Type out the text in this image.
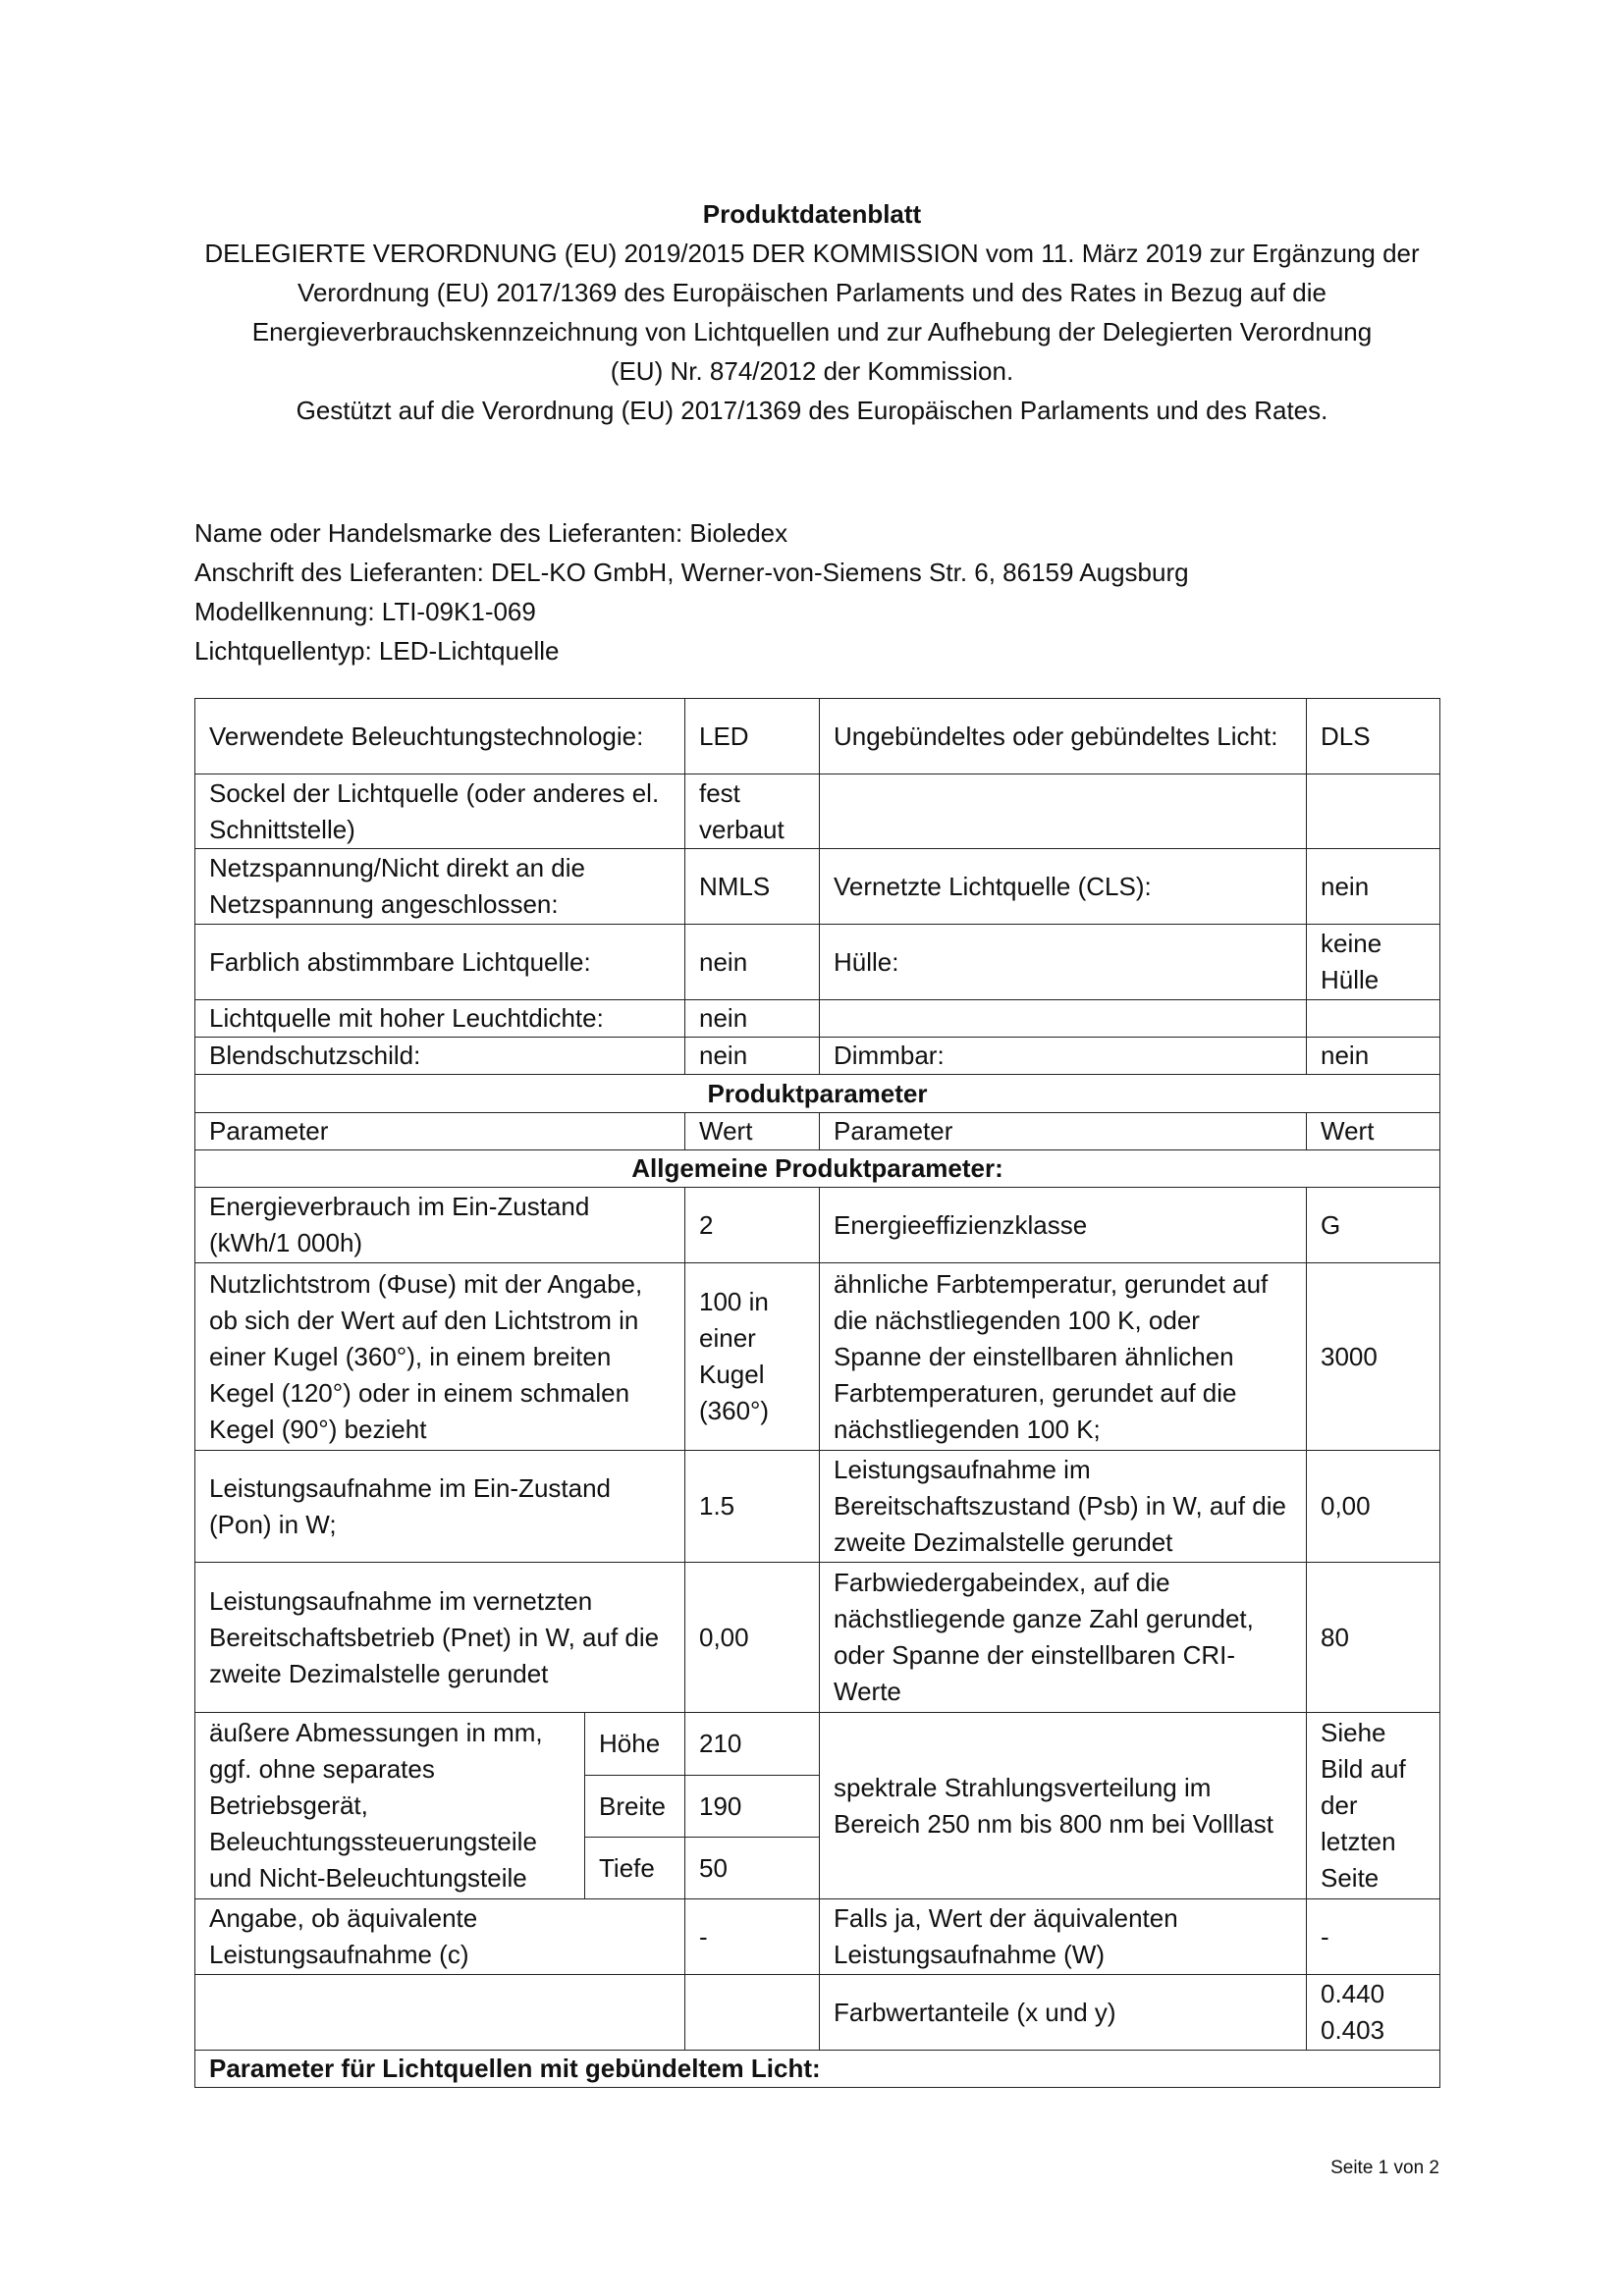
Produktdatenblatt
DELEGIERTE VERORDNUNG (EU) 2019/2015 DER KOMMISSION vom 11. März 2019 zur Ergänzung der
Verordnung (EU) 2017/1369 des Europäischen Parlaments und des Rates in Bezug auf die
Energieverbrauchskennzeichnung von Lichtquellen und zur Aufhebung der Delegierten Verordnung
(EU) Nr. 874/2012 der Kommission.
Gestützt auf die Verordnung (EU) 2017/1369 des Europäischen Parlaments und des Rates.
Name oder Handelsmarke des Lieferanten: Bioledex
Anschrift des Lieferanten: DEL-KO GmbH, Werner-von-Siemens Str. 6, 86159 Augsburg
Modellkennung: LTI-09K1-069
Lichtquellentyp: LED-Lichtquelle
Verwendete Beleuchtungstechnologie:		LED	Ungebündeltes oder gebündeltes Licht:	DLS
Sockel der Lichtquelle (oder anderes el. Schnittstelle)		fest verbaut		
Netzspannung/Nicht direkt an die Netzspannung angeschlossen:		NMLS	Vernetzte Lichtquelle (CLS):	nein
Farblich abstimmbare Lichtquelle:		nein	Hülle:	keine Hülle
Lichtquelle mit hoher Leuchtdichte:		nein		
Blendschutzschild:		nein	Dimmbar:	nein
Produktparameter				
Parameter		Wert	Parameter	Wert
Allgemeine Produktparameter:				
Energieverbrauch im Ein-Zustand (kWh/1 000h)		2	Energieeffizienzklasse	G
Nutzlichtstrom (Φuse) mit der Angabe, ob sich der Wert auf den Lichtstrom in einer Kugel (360°), in einem breiten Kegel (120°) oder in einem schmalen Kegel (90°) bezieht		100 in einer Kugel (360°)	ähnliche Farbtemperatur, gerundet auf die nächstliegenden 100 K, oder Spanne der einstellbaren ähnlichen Farbtemperaturen, gerundet auf die nächstliegenden 100 K;	3000
Leistungsaufnahme im Ein-Zustand (Pon) in W;		1.5	Leistungsaufnahme im Bereitschaftszustand (Psb) in W, auf die zweite Dezimalstelle gerundet	0,00
Leistungsaufnahme im vernetzten Bereitschaftsbetrieb (Pnet) in W, auf die zweite Dezimalstelle gerundet		0,00	Farbwiedergabeindex, auf die nächstliegende ganze Zahl gerundet, oder Spanne der einstellbaren CRI-Werte	80
äußere Abmessungen in mm, ggf. ohne separates Betriebsgerät, Beleuchtungssteuerungsteile und Nicht-Beleuchtungsteile	Höhe	210	spektrale Strahlungsverteilung im Bereich 250 nm bis 800 nm bei Volllast	Siehe Bild auf der letzten Seite
	Breite	190		
	Tiefe	50		
Angabe, ob äquivalente Leistungsaufnahme (c)		-	Falls ja, Wert der äquivalenten Leistungsaufnahme (W)	-
			Farbwertanteile (x und y)	0.440
0.403

Parameter für Lichtquellen mit gebündeltem Licht:				
Seite 1 von 2
